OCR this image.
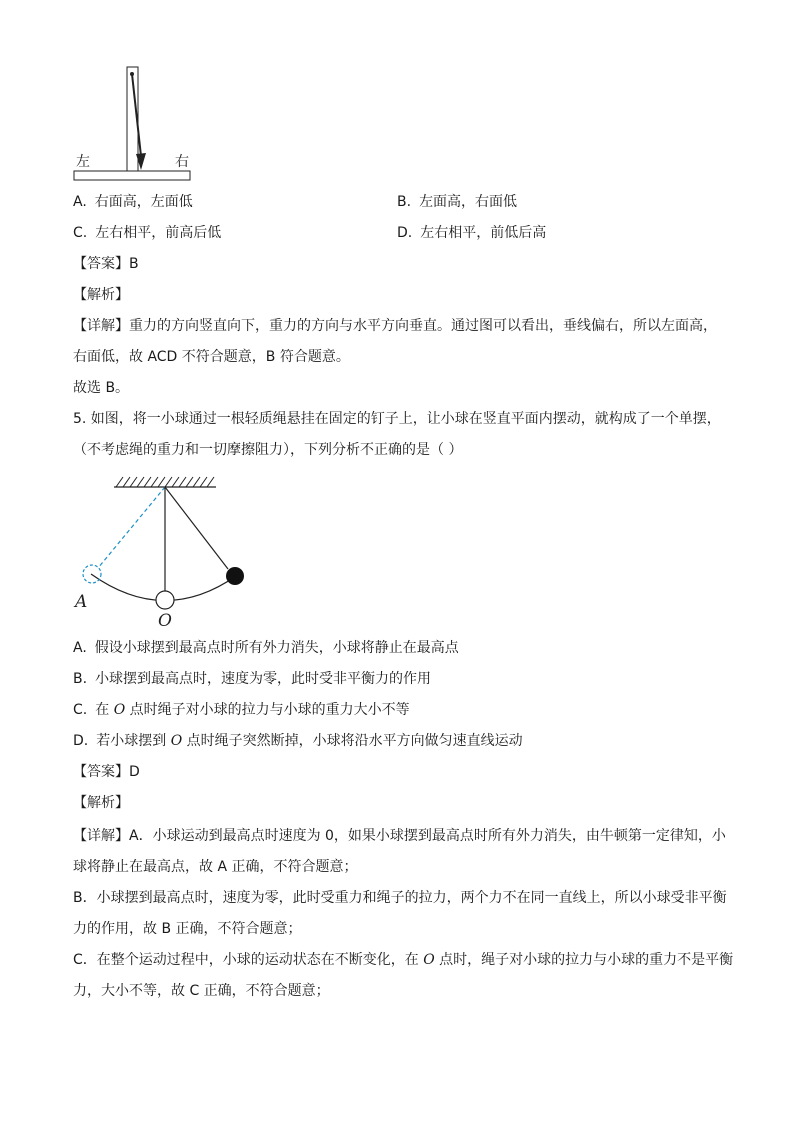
左	右
A. 右面高，左面低	B. 左面高，右面低
C. 左右相平，前高后低	D. 左右相平，前低后高
【答案】B
【解析】
【详解】重力的方向竖直向下，重力的方向与水平方向垂直。通过图可以看出，垂线偏右，所以左面高，
右面低，故 ACD 不符合题意，B 符合题意。
故选 B。
5. 如图，将一小球通过一根轻质绳悬挂在固定的钉子上，让小球在竖直平面内摆动，就构成了一个单摆，
（不考虑绳的重力和一切摩擦阻力），下列分析不正确的是（ ）
A
O
A. 假设小球摆到最高点时所有外力消失，小球将静止在最高点
B. 小球摆到最高点时，速度为零，此时受非平衡力的作用
C. 在 O 点时绳子对小球的拉力与小球的重力大小不等
D. 若小球摆到 O 点时绳子突然断掉，小球将沿水平方向做匀速直线运动
【答案】D
【解析】
【详解】A．小球运动到最高点时速度为 0，如果小球摆到最高点时所有外力消失，由牛顿第一定律知，小
球将静止在最高点，故 A 正确，不符合题意；
B．小球摆到最高点时，速度为零，此时受重力和绳子的拉力，两个力不在同一直线上，所以小球受非平衡
力的作用，故 B 正确，不符合题意；
C．在整个运动过程中，小球的运动状态在不断变化，在 O 点时，绳子对小球的拉力与小球的重力不是平衡
力，大小不等，故 C 正确，不符合题意；
